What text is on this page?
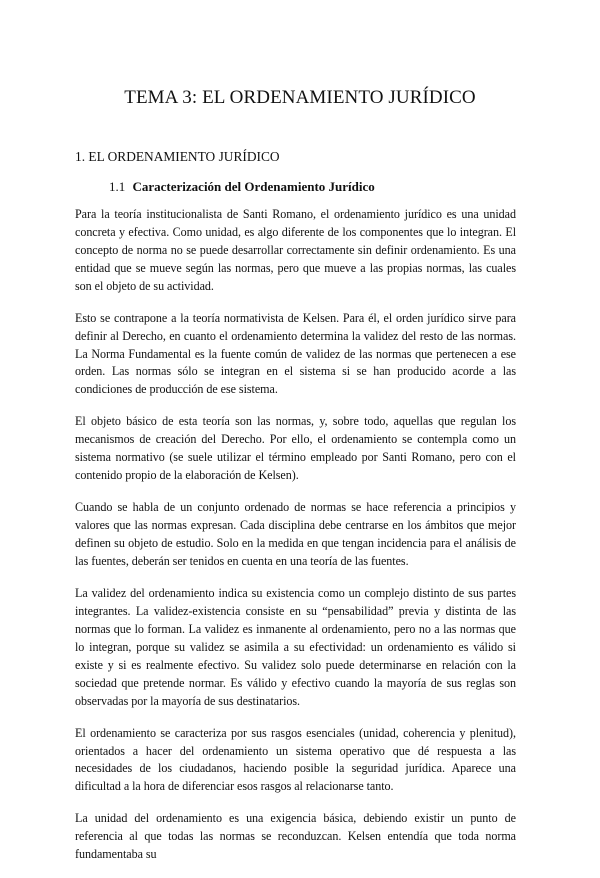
TEMA 3: EL ORDENAMIENTO JURÍDICO
1. EL ORDENAMIENTO JURÍDICO
1.1 Caracterización del Ordenamiento Jurídico

Para la teoría institucionalista de Santi Romano, el ordenamiento jurídico es una unidad concreta y efectiva. Como unidad, es algo diferente de los componentes que lo integran. El concepto de norma no se puede desarrollar correctamente sin definir ordenamiento. Es una entidad que se mueve según las normas, pero que mueve a las propias normas, las cuales son el objeto de su actividad.

Esto se contrapone a la teoría normativista de Kelsen. Para él, el orden jurídico sirve para definir al Derecho, en cuanto el ordenamiento determina la validez del resto de las normas. La Norma Fundamental es la fuente común de validez de las normas que pertenecen a ese orden. Las normas sólo se integran en el sistema si se han producido acorde a las condiciones de producción de ese sistema.

El objeto básico de esta teoría son las normas, y, sobre todo, aquellas que regulan los mecanismos de creación del Derecho. Por ello, el ordenamiento se contempla como un sistema normativo (se suele utilizar el término empleado por Santi Romano, pero con el contenido propio de la elaboración de Kelsen).

Cuando se habla de un conjunto ordenado de normas se hace referencia a principios y valores que las normas expresan. Cada disciplina debe centrarse en los ámbitos que mejor definen su objeto de estudio. Solo en la medida en que tengan incidencia para el análisis de las fuentes, deberán ser tenidos en cuenta en una teoría de las fuentes.

La validez del ordenamiento indica su existencia como un complejo distinto de sus partes integrantes. La validez-existencia consiste en su “pensabilidad” previa y distinta de las normas que lo forman. La validez es inmanente al ordenamiento, pero no a las normas que lo integran, porque su validez se asimila a su efectividad: un ordenamiento es válido si existe y si es realmente efectivo. Su validez solo puede determinarse en relación con la sociedad que pretende normar. Es válido y efectivo cuando la mayoría de sus reglas son observadas por la mayoría de sus destinatarios.

El ordenamiento se caracteriza por sus rasgos esenciales (unidad, coherencia y plenitud), orientados a hacer del ordenamiento un sistema operativo que dé respuesta a las necesidades de los ciudadanos, haciendo posible la seguridad jurídica. Aparece una dificultad a la hora de diferenciar esos rasgos al relacionarse tanto.

La unidad del ordenamiento es una exigencia básica, debiendo existir un punto de referencia al que todas las normas se reconduzcan. Kelsen entendía que toda norma fundamentaba su
